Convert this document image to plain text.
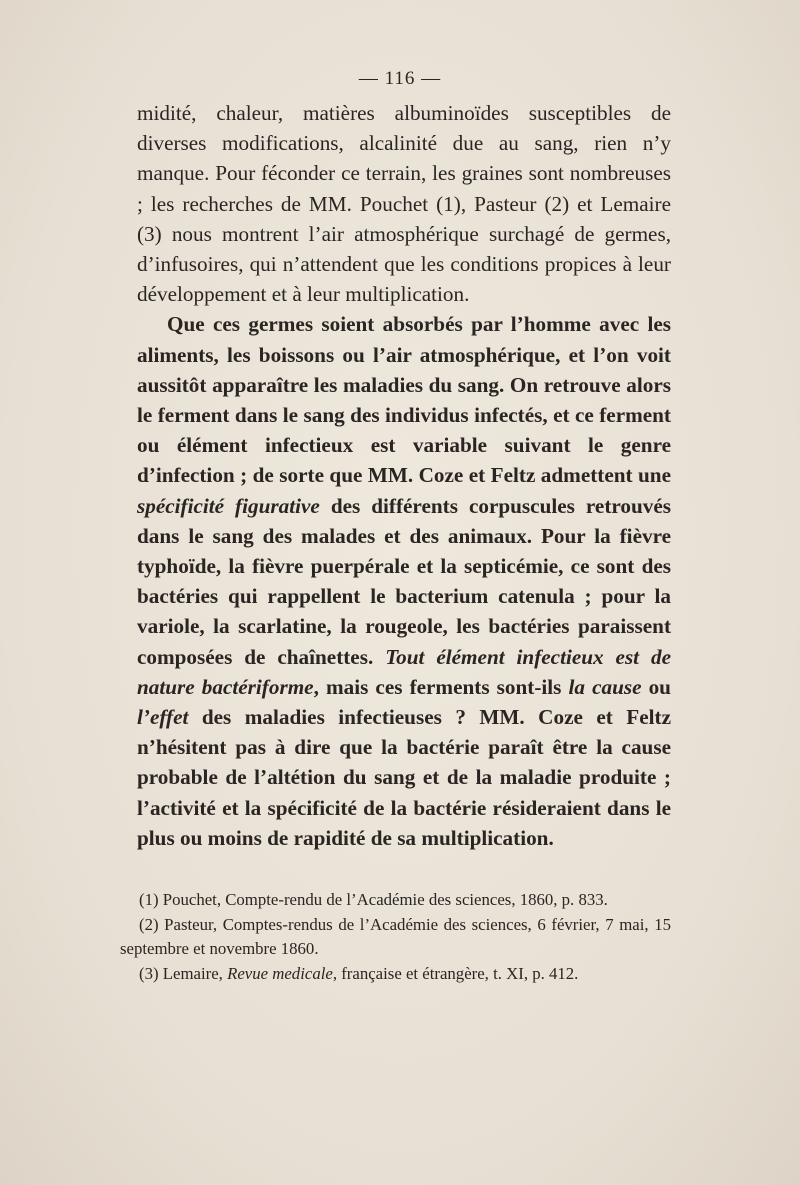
— 116 —

midité, chaleur, matières albuminoïdes susceptibles de diverses modifications, alcalinité due au sang, rien n’y manque. Pour féconder ce terrain, les graines sont nombreuses ; les recherches de MM. Pouchet (1), Pasteur (2) et Lemaire (3) nous montrent l’air atmosphérique surchagé de germes, d’infusoires, qui n’attendent que les conditions propices à leur développement et à leur multiplication.

Que ces germes soient absorbés par l’homme avec les aliments, les boissons ou l’air atmosphérique, et l’on voit aussitôt apparaître les maladies du sang. On retrouve alors le ferment dans le sang des individus infectés, et ce ferment ou élément infectieux est variable suivant le genre d’infection ; de sorte que MM. Coze et Feltz admettent une spécificité figurative des différents corpuscules retrouvés dans le sang des malades et des animaux. Pour la fièvre typhoïde, la fièvre puerpérale et la septicémie, ce sont des bactéries qui rappellent le bacterium catenula ; pour la variole, la scarlatine, la rougeole, les bactéries paraissent composées de chaînettes. Tout élément infectieux est de nature bactériforme, mais ces ferments sont-ils la cause ou l’effet des maladies infectieuses ? MM. Coze et Feltz n’hésitent pas à dire que la bactérie paraît être la cause probable de l’altétion du sang et de la maladie produite ; l’activité et la spécificité de la bactérie résideraient dans le plus ou moins de rapidité de sa multiplication.

(1) Pouchet, Compte-rendu de l’Académie des sciences, 1860, p. 833.

(2) Pasteur, Comptes-rendus de l’Académie des sciences, 6 février, 7 mai, 15 septembre et novembre 1860.

(3) Lemaire, Revue medicale, française et étrangère, t. XI, p. 412.
